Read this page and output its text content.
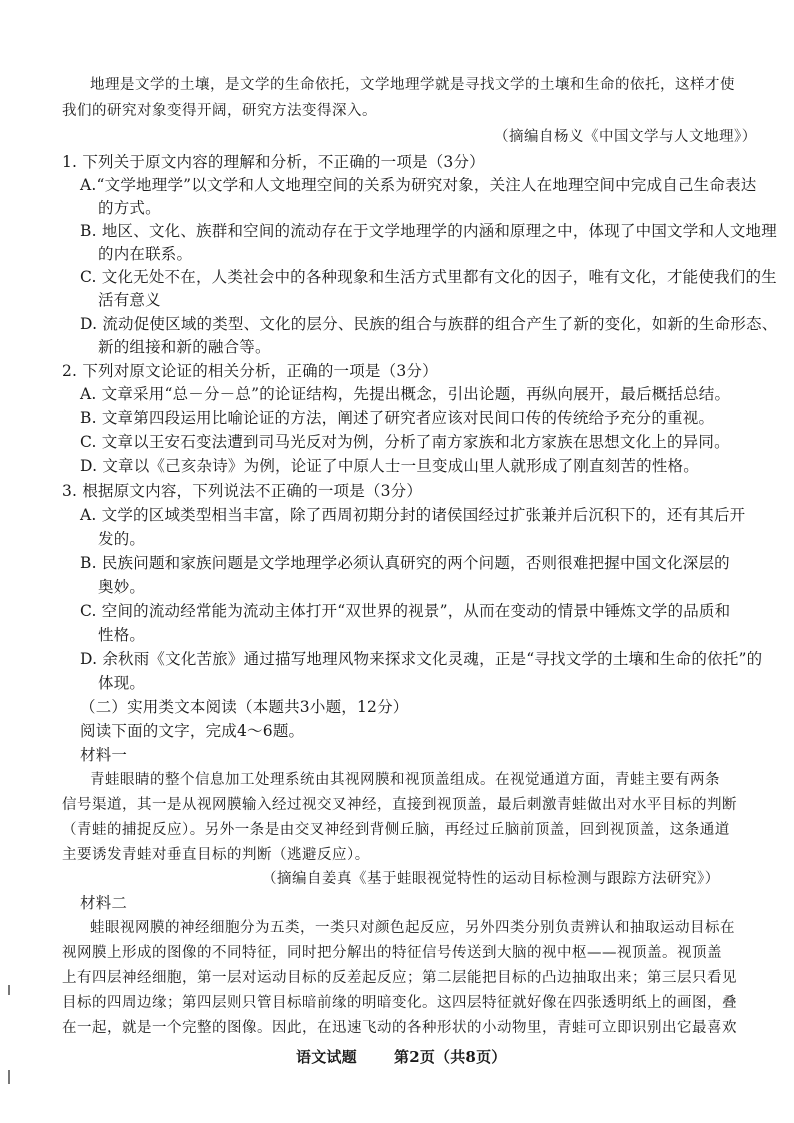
地理是文学的土壤，是文学的生命依托，文学地理学就是寻找文学的土壤和生命的依托，这样才使
我们的研究对象变得开阔，研究方法变得深入。
（摘编自杨义《中国文学与人文地理》）
1. 下列关于原文内容的理解和分析，不正确的一项是（3分）
A.“文学地理学”以文学和人文地理空间的关系为研究对象，关注人在地理空间中完成自己生命表达
的方式。
B. 地区、文化、族群和空间的流动存在于文学地理学的内涵和原理之中，体现了中国文学和人文地理
的内在联系。
C. 文化无处不在，人类社会中的各种现象和生活方式里都有文化的因子，唯有文化，才能使我们的生
活有意义
D. 流动促使区域的类型、文化的层分、民族的组合与族群的组合产生了新的变化，如新的生命形态、
新的组接和新的融合等。
2. 下列对原文论证的相关分析，正确的一项是（3分）
A. 文章采用“总－分－总”的论证结构，先提出概念，引出论题，再纵向展开，最后概括总结。
B. 文章第四段运用比喻论证的方法，阐述了研究者应该对民间口传的传统给予充分的重视。
C. 文章以王安石变法遭到司马光反对为例，分析了南方家族和北方家族在思想文化上的异同。
D. 文章以《己亥杂诗》为例，论证了中原人士一旦变成山里人就形成了刚直刻苦的性格。
3. 根据原文内容，下列说法不正确的一项是（3分）
A. 文学的区域类型相当丰富，除了西周初期分封的诸侯国经过扩张兼并后沉积下的，还有其后开
发的。
B. 民族问题和家族问题是文学地理学必须认真研究的两个问题，否则很难把握中国文化深层的
奥妙。
C. 空间的流动经常能为流动主体打开“双世界的视景”，从而在变动的情景中锤炼文学的品质和
性格。
D. 余秋雨《文化苦旅》通过描写地理风物来探求文化灵魂，正是“寻找文学的土壤和生命的依托”的
体现。
（二）实用类文本阅读（本题共3小题，12分）
阅读下面的文字，完成4～6题。
材料一
青蛙眼睛的整个信息加工处理系统由其视网膜和视顶盖组成。在视觉通道方面，青蛙主要有两条
信号渠道，其一是从视网膜输入经过视交叉神经，直接到视顶盖，最后刺激青蛙做出对水平目标的判断
（青蛙的捕捉反应）。另外一条是由交叉神经到背侧丘脑，再经过丘脑前顶盖，回到视顶盖，这条通道
主要诱发青蛙对垂直目标的判断（逃避反应）。
（摘编自姜真《基于蛙眼视觉特性的运动目标检测与跟踪方法研究》）
材料二
蛙眼视网膜的神经细胞分为五类，一类只对颜色起反应，另外四类分别负责辨认和抽取运动目标在
视网膜上形成的图像的不同特征，同时把分解出的特征信号传送到大脑的视中枢——视顶盖。视顶盖
上有四层神经细胞，第一层对运动目标的反差起反应；第二层能把目标的凸边抽取出来；第三层只看见
目标的四周边缘；第四层则只管目标暗前缘的明暗变化。这四层特征就好像在四张透明纸上的画图，叠
在一起，就是一个完整的图像。因此，在迅速飞动的各种形状的小动物里，青蛙可立即识别出它最喜欢
语文试题 第2页（共8页）
